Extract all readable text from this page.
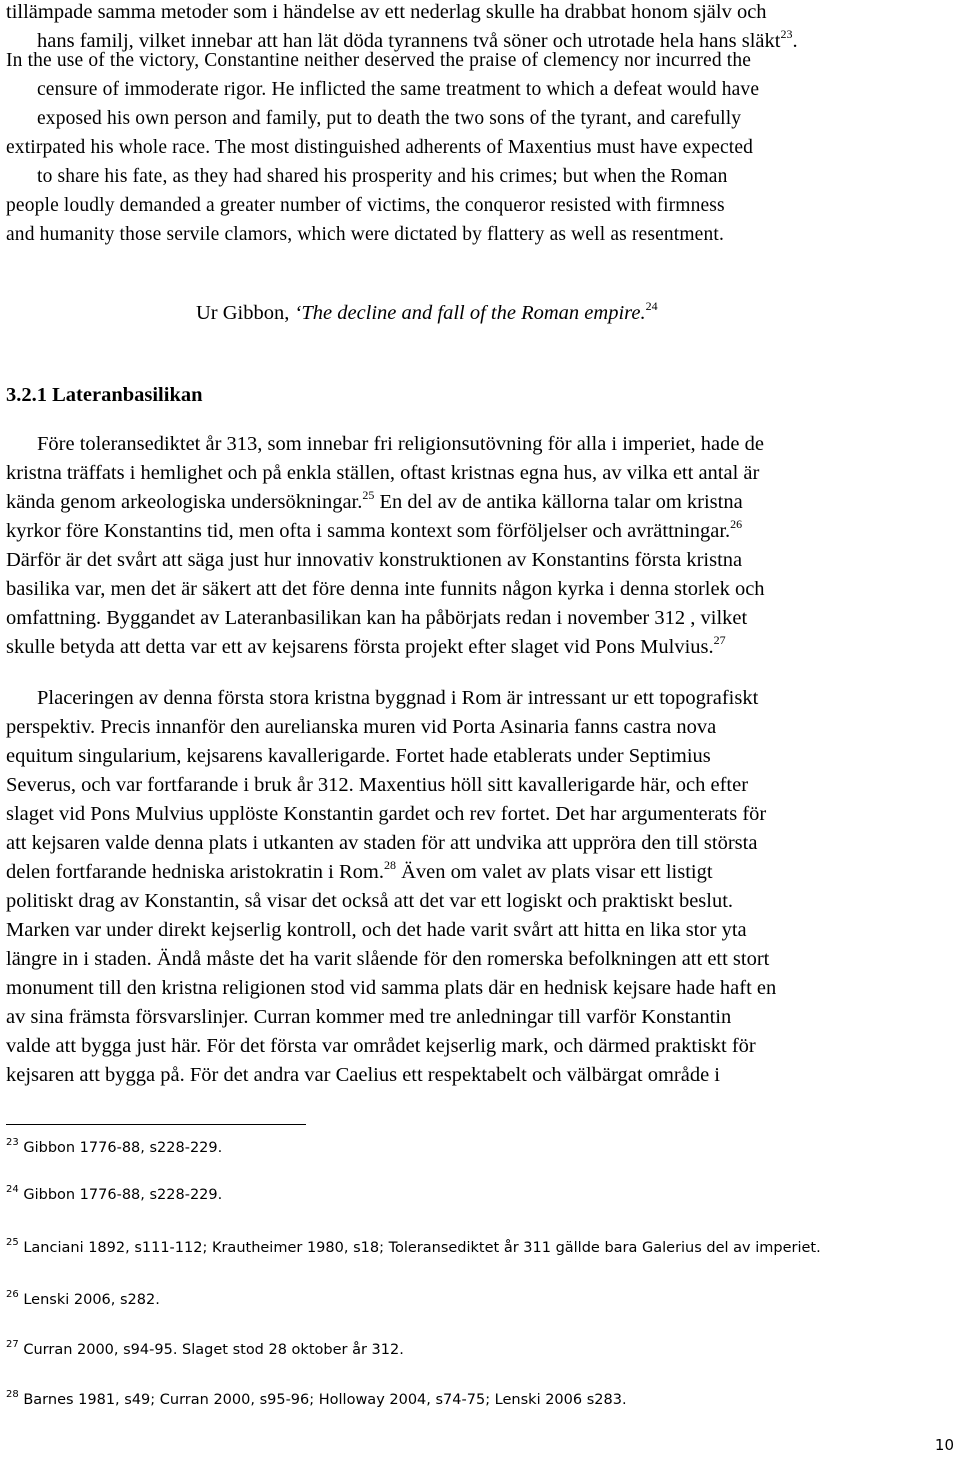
tillämpade samma metoder som i händelse av ett nederlag skulle ha drabbat honom själv och
hans familj, vilket innebar att han lät döda tyrannens två söner och utrotade hela hans släkt$^{23}$.
In the use of the victory, Constantine neither deserved the praise of clemency nor incurred the
censure of immoderate rigor. He inflicted the same treatment to which a defeat would have
exposed his own person and family, put to death the two sons of the tyrant, and carefully
extirpated his whole race. The most distinguished adherents of Maxentius must have expected
to share his fate, as they had shared his prosperity and his crimes; but when the Roman
people loudly demanded a greater number of victims, the conqueror resisted with firmness
and humanity those servile clamors, which were dictated by flattery as well as resentment.
Ur Gibbon, ‘The decline and fall of the Roman empire.$^{24}$
3.2.1 Lateranbasilikan
Före toleransediktet år 313, som innebar fri religionsutövning för alla i imperiet, hade de
kristna träffats i hemlighet och på enkla ställen, oftast kristnas egna hus, av vilka ett antal är
kända genom arkeologiska undersökningar.$^{25}$ En del av de antika källorna talar om kristna
kyrkor före Konstantins tid, men ofta i samma kontext som förföljelser och avrättningar.$^{26}$
Därför är det svårt att säga just hur innovativ konstruktionen av Konstantins första kristna
basilika var, men det är säkert att det före denna inte funnits någon kyrka i denna storlek och
omfattning. Byggandet av Lateranbasilikan kan ha påbörjats redan i november 312 , vilket
skulle betyda att detta var ett av kejsarens första projekt efter slaget vid Pons Mulvius.$^{27}$
Placeringen av denna första stora kristna byggnad i Rom är intressant ur ett topografiskt
perspektiv. Precis innanför den aurelianska muren vid Porta Asinaria fanns castra nova
equitum singularium, kejsarens kavallerigarde. Fortet hade etablerats under Septimius
Severus, och var fortfarande i bruk år 312. Maxentius höll sitt kavallerigarde här, och efter
slaget vid Pons Mulvius upplöste Konstantin gardet och rev fortet. Det har argumenterats för
att kejsaren valde denna plats i utkanten av staden för att undvika att uppröra den till största
delen fortfarande hedniska aristokratin i Rom.$^{28}$ Även om valet av plats visar ett listigt
politiskt drag av Konstantin, så visar det också att det var ett logiskt och praktiskt beslut.
Marken var under direkt kejserlig kontroll, och det hade varit svårt att hitta en lika stor yta
längre in i staden. Ändå måste det ha varit slående för den romerska befolkningen att ett stort
monument till den kristna religionen stod vid samma plats där en hednisk kejsare hade haft en
av sina främsta försvarslinjer. Curran kommer med tre anledningar till varför Konstantin
valde att bygga just här. För det första var området kejserlig mark, och därmed praktiskt för
kejsaren att bygga på. För det andra var Caelius ett respektabelt och välbärgat område i
$^{23}$ Gibbon 1776-88, s228-229.
$^{24}$ Gibbon 1776-88, s228-229.
$^{25}$ Lanciani 1892, s111-112; Krautheimer 1980, s18; Toleransediktet år 311 gällde bara Galerius del av imperiet.
$^{26}$ Lenski 2006, s282.
$^{27}$ Curran 2000, s94-95. Slaget stod 28 oktober år 312.
$^{28}$ Barnes 1981, s49; Curran 2000, s95-96; Holloway 2004, s74-75; Lenski 2006 s283.
10
